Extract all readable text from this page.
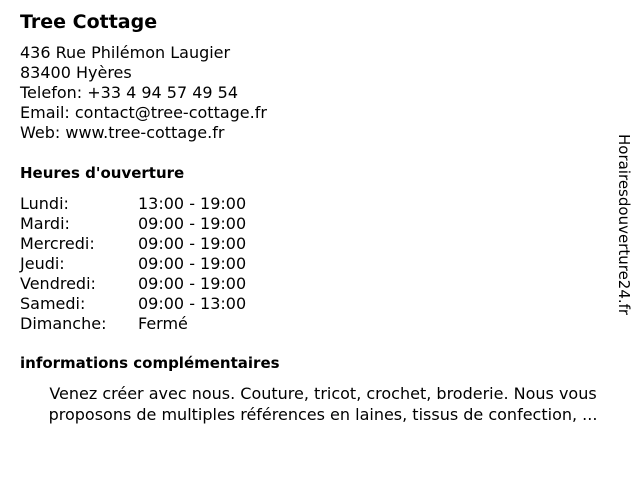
Tree Cottage
436 Rue Philémon Laugier
83400 Hyères
Telefon: +33 4 94 57 49 54
Email: contact@tree-cottage.fr
Web: www.tree-cottage.fr
Heures d'ouverture
Lundi:	13:00 - 19:00
Mardi:	09:00 - 19:00
Mercredi:	09:00 - 19:00
Jeudi:	09:00 - 19:00
Vendredi:	09:00 - 19:00
Samedi:	09:00 - 13:00
Dimanche: Fermé
informations complémentaires
Venez créer avec nous. Couture, tricot, crochet, broderie. Nous vous proposons de multiples références en laines, tissus de confection, ...
Horairesdouverture24.fr
